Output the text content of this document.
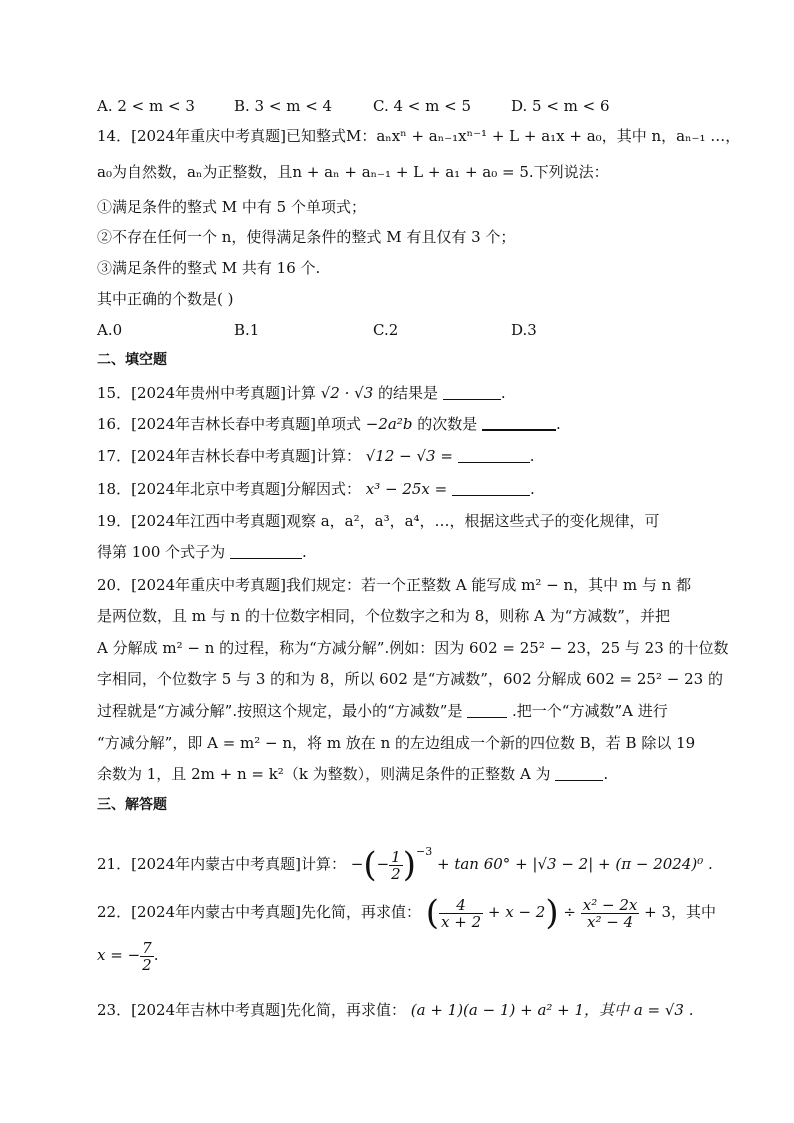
A. 2 < m < 3	B. 3 < m < 4	C. 4 < m < 5	D. 5 < m < 6
14．[2024年重庆中考真题]已知整式M：aₙxⁿ + aₙ₋₁xⁿ⁻¹ + L + a₁x + a₀，其中 n，aₙ₋₁ …，
a₀为自然数，aₙ为正整数，且n + aₙ + aₙ₋₁ + L + a₁ + a₀ = 5.下列说法：
①满足条件的整式 M 中有 5 个单项式；
②不存在任何一个 n，使得满足条件的整式 M 有且仅有 3 个；
③满足条件的整式 M 共有 16 个.
其中正确的个数是( )
A.0	B.1	C.2	D.3
二、填空题
15．[2024年贵州中考真题]计算 √2 · √3 的结果是	.
16．[2024年吉林长春中考真题]单项式 −2a²b 的次数是	.
17．[2024年吉林长春中考真题]计算： √12 − √3 =	.
18．[2024年北京中考真题]分解因式： x³ − 25x =	.
19．[2024年江西中考真题]观察 a，a²，a³，a⁴，…，根据这些式子的变化规律，可
得第 100 个式子为	.
20．[2024年重庆中考真题]我们规定：若一个正整数 A 能写成 m² − n，其中 m 与 n 都
是两位数，且 m 与 n 的十位数字相同，个位数字之和为 8，则称 A 为“方减数”，并把
A 分解成 m² − n 的过程，称为“方减分解”.例如：因为 602 = 25² − 23，25 与 23 的十位数
字相同，个位数字 5 与 3 的和为 8，所以 602 是“方减数”，602 分解成 602 = 25² − 23 的
过程就是“方减分解”.按照这个规定，最小的“方减数”是	.把一个“方减数”A 进行
“方减分解”，即 A = m² − n，将 m 放在 n 的左边组成一个新的四位数 B，若 B 除以 19
余数为 1，且 2m + n = k²（k 为整数），则满足条件的正整数 A 为	.
三、解答题
21．[2024年内蒙古中考真题]计算： −(− $\frac{1}{2} )^{-3} + \tan 60^\circ + |√3 - 2| + (\pi - 2024)^0$ .
22．[2024年内蒙古中考真题]先化简，再求值： ( $\frac{4}{x + 2} + x - 2) \div \frac{\text{x² − 2x}}{\text{x² − 4}} + 3$，其中
x = − $\frac{7}{2}$ .
23．[2024年吉林中考真题]先化简，再求值： (a + 1)(a − 1) + a² + 1，其中 a = √3 .
